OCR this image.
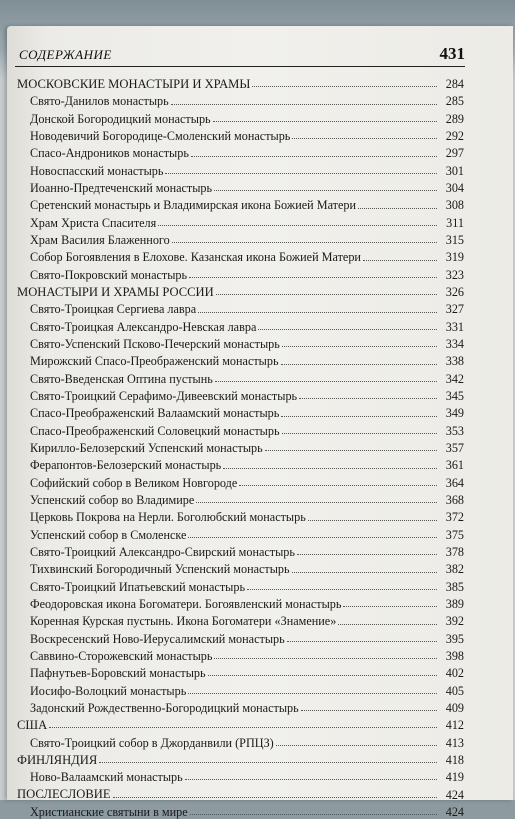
СОДЕРЖАНИЕ	431
МОСКОВСКИЕ МОНАСТЫРИ И ХРАМЫ	284
Свято-Данилов монастырь	285
Донской Богородицкий монастырь	289
Новодевичий Богородице-Смоленский монастырь	292
Спасо-Андроников монастырь	297
Новоспасский монастырь	301
Иоанно-Предтеченский монастырь	304
Сретенский монастырь и Владимирская икона Божией Матери	308
Храм Христа Спасителя	311
Храм Василия Блаженного	315
Собор Богоявления в Елохове. Казанская икона Божией Матери	319
Свято-Покровский монастырь	323
МОНАСТЫРИ И ХРАМЫ РОССИИ	326
Свято-Троицкая Сергиева лавра	327
Свято-Троицкая Александро-Невская лавра	331
Свято-Успенский Псково-Печерский монастырь	334
Мирожский Спасо-Преображенский монастырь	338
Свято-Введенская Оптина пустынь	342
Свято-Троицкий Серафимо-Дивеевский монастырь	345
Спасо-Преображенский Валаамский монастырь	349
Спасо-Преображенский Соловецкий монастырь	353
Кирилло-Белозерский Успенский монастырь	357
Ферапонтов-Белозерский монастырь	361
Софийский собор в Великом Новгороде	364
Успенский собор во Владимире	368
Церковь Покрова на Нерли. Боголюбский монастырь	372
Успенский собор в Смоленске	375
Свято-Троицкий Александро-Свирский монастырь	378
Тихвинский Богородичный Успенский монастырь	382
Свято-Троицкий Ипатьевский монастырь	385
Феодоровская икона Богоматери. Богоявленский монастырь	389
Коренная Курская пустынь. Икона Богоматери «Знамение»	392
Воскресенский Ново-Иерусалимский монастырь	395
Саввино-Сторожевский монастырь	398
Пафнутьев-Боровский монастырь	402
Иосифо-Волоцкий монастырь	405
Задонский Рождественно-Богородицкий монастырь	409
США	412
Свято-Троицкий собор в Джорданвили (РПЦЗ)	413
ФИНЛЯНДИЯ	418
Ново-Валаамский монастырь	419
ПОСЛЕСЛОВИЕ	424
Христианские святыни в мире	424
